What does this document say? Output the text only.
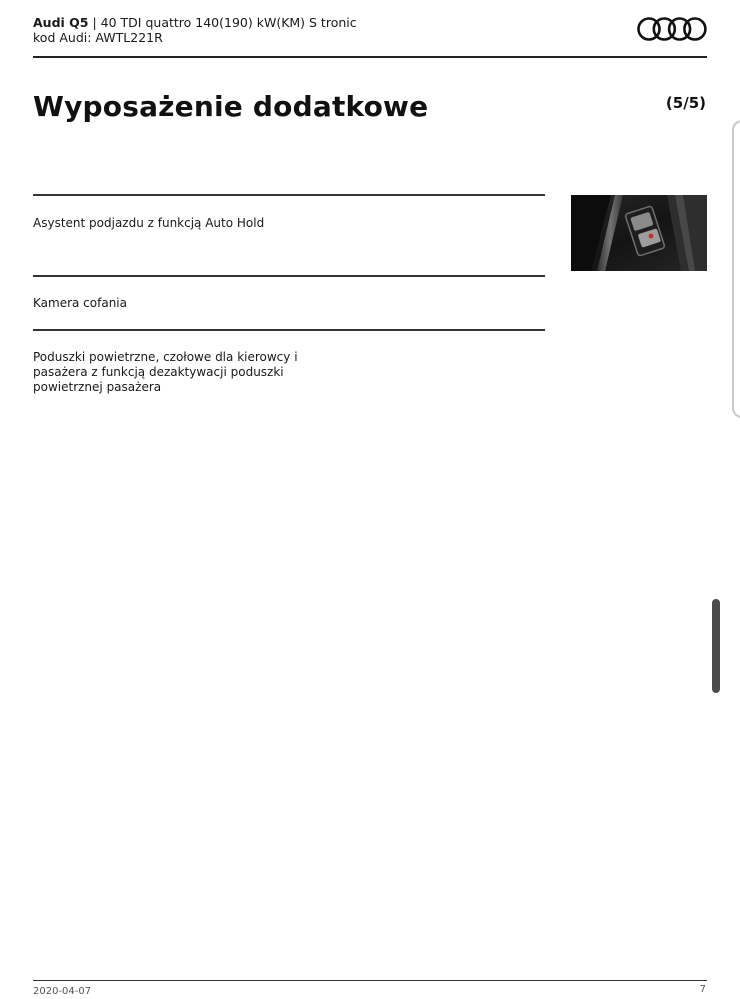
Audi Q5 | 40 TDI quattro 140(190) kW(KM) S tronic
kod Audi: AWTL221R
Wyposażenie dodatkowe	(5/5)
Asystent podjazdu z funkcją Auto Hold
Kamera cofania
Poduszki powietrzne, czołowe dla kierowcy i pasażera z funkcją dezaktywacji poduszki powietrznej pasażera
2020-04-07	7
